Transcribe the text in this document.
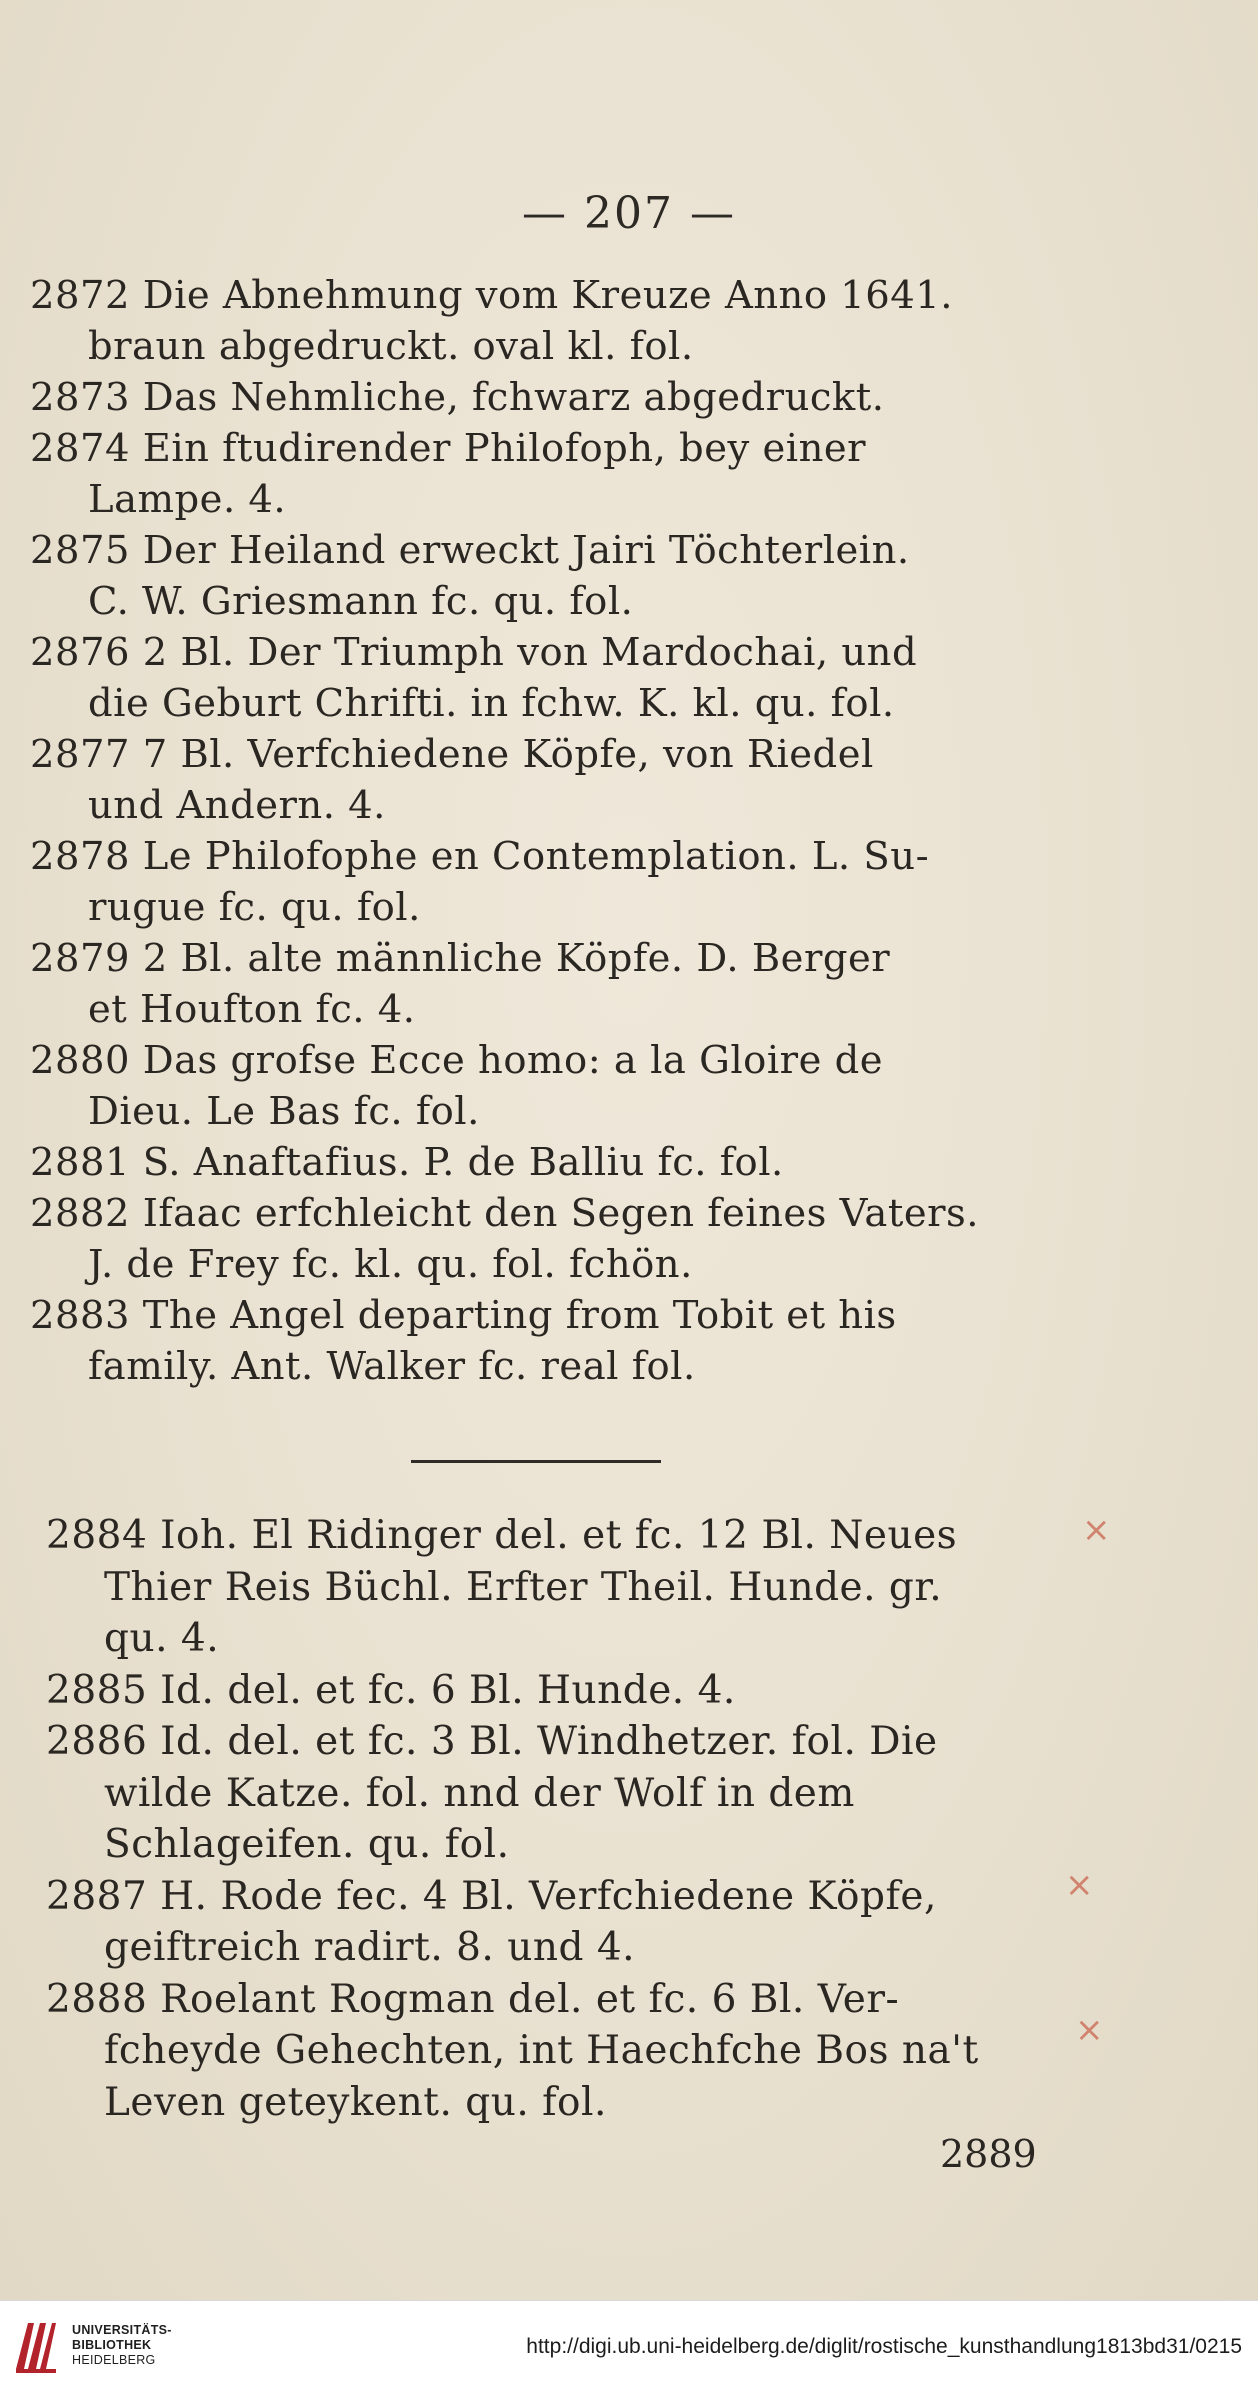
— 207 —

2872 Die Abnehmung vom Kreuze Anno 1641.
braun abgedruckt. oval kl. fol.

2873 Das Nehmliche, fchwarz abgedruckt.

2874 Ein ftudirender Philofoph, bey einer
Lampe. 4.

2875 Der Heiland erweckt Jairi Töchterlein.
C. W. Griesmann fc. qu. fol.

2876 2 Bl. Der Triumph von Mardochai, und
die Geburt Chrifti. in fchw. K. kl. qu. fol.

2877 7 Bl. Verfchiedene Köpfe, von Riedel
und Andern. 4.

2878 Le Philofophe en Contemplation. L. Su-
rugue fc. qu. fol.

2879 2 Bl. alte männliche Köpfe. D. Berger
et Houfton fc. 4.

2880 Das grofse Ecce homo: a la Gloire de
Dieu. Le Bas fc. fol.

2881 S. Anaftafius. P. de Balliu fc. fol.

2882 Ifaac erfchleicht den Segen feines Vaters.
J. de Frey fc. kl. qu. fol. fchön.

2883 The Angel departing from Tobit et his
family. Ant. Walker fc. real fol.

2884 Ioh. El Ridinger del. et fc. 12 Bl. Neues
Thier Reis Büchl. Erfter Theil. Hunde. gr.
qu. 4.

2885 Id. del. et fc. 6 Bl. Hunde. 4.

2886 Id. del. et fc. 3 Bl. Windhetzer. fol. Die
wilde Katze. fol. nnd der Wolf in dem
Schlageifen. qu. fol.

2887 H. Rode fec. 4 Bl. Verfchiedene Köpfe,
geiftreich radirt. 8. und 4.

2888 Roelant Rogman del. et fc. 6 Bl. Ver-
fcheyde Gehechten, int Haechfche Bos na't
Leven geteykent. qu. fol.

2889
×
×
×
UNIVERSITÄTS-
BIBLIOTHEK
HEIDELBERG
http://digi.ub.uni-heidelberg.de/diglit/rostische_kunsthandlung1813bd31/0215
